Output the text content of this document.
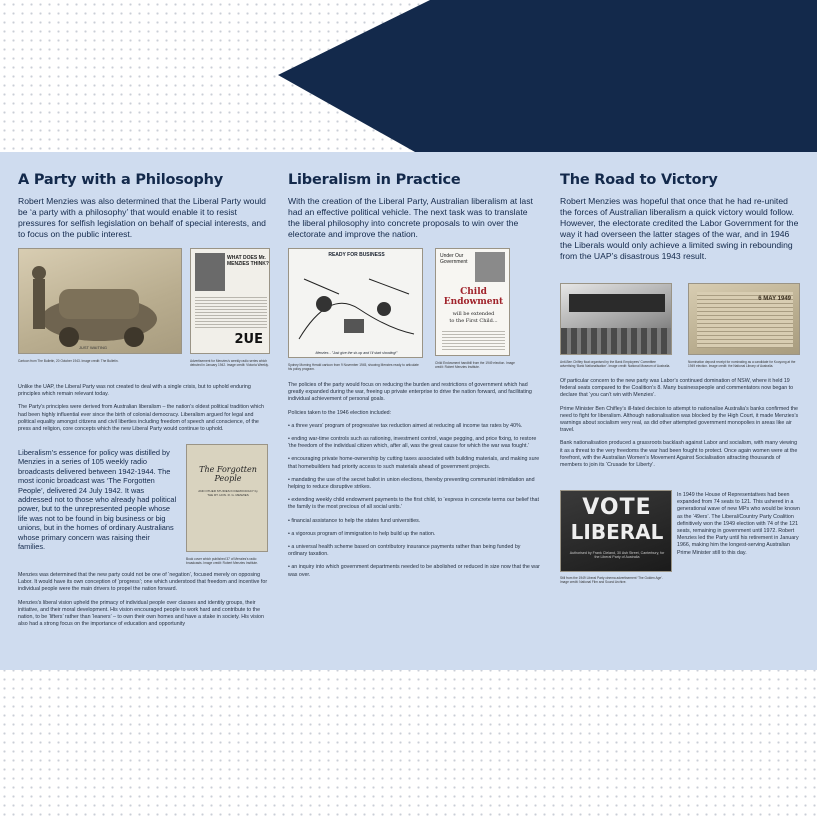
A Party with a Philosophy

Robert Menzies was also determined that the Liberal Party would be ‘a party with a philosophy’ that would enable it to resist pressures for selfish legislation on behalf of special interests, and to focus on the public interest.

JUST WAITING
Cartoon from The Bulletin, 20 October 1943. Image credit: The Bulletin.
WHAT DOES Mr. MENZIES THINK?
2UE
Advertisement for Menzies’s weekly radio series which debuted in January 1942. Image credit: Victoria Weekly.

Unlike the UAP, the Liberal Party was not created to deal with a single crisis, but to uphold enduring principles which remain relevant today.

The Party’s principles were derived from Australian liberalism – the nation’s oldest political tradition which had been highly influential ever since the birth of colonial democracy. Liberalism argued for legal and political equality amongst citizens and civil liberties including freedom of speech and conscience, of the press and religion, core concepts which the new Liberal Party would continue to uphold.

Liberalism’s essence for policy was distilled by Menzies in a series of 105 weekly radio broadcasts delivered between 1942-1944. The most iconic broadcast was ‘The Forgotten People’, delivered 24 July 1942. It was addressed not to those who already had political power, but to the unrepresented people whose life was not to be found in big business or big unions, but in the homes of ordinary Australians whose primary concern was raising their families.

The Forgotten People
AND OTHER STUDIES IN DEMOCRACY by THE RT. HON. R. G. MENZIES
Book cover which published 37 of Menzies’s radio broadcasts. Image credit: Robert Menzies Institute.

Menzies was determined that the new party could not be one of ‘negation’, focused merely on opposing Labor. It would have its own conception of ‘progress’; one which understood that freedom and incentive for individual people were the main drivers to propel the nation forward.

Menzies’s liberal vision upheld the primacy of individual people over classes and identity groups, their initiative, and their moral development. His vision encouraged people to work hard and contribute to the nation, to be ‘lifters’ rather than ‘leaners’ – to own their own homes and have a stake in society. His vision also had a strong focus on the importance of education and opportunity

Liberalism in Practice

With the creation of the Liberal Party, Australian liberalism at last had an effective political vehicle. The next task was to translate the liberal philosophy into concrete proposals to win over the electorate and improve the nation.

READY FOR BUSINESS
Menzies - "Just give the sh-op and I’ll start shooting!"
Sydney Morning Herald cartoon from 9 November 1945, showing Menzies ready to articulate his policy program.
Under Our
Government
Child
Endowment
will be extended
to the First Child...
Child Endowment handbill from the 1949 election. Image credit: Robert Menzies Institute.

The policies of the party would focus on reducing the burden and restrictions of government which had greatly expanded during the war, freeing up private enterprise to drive the nation forward, and facilitating individual achievement of personal goals.

Policies taken to the 1946 election included:

• a three years’ program of progressive tax reduction aimed at reducing all income tax rates by 40%.

• ending war-time controls such as rationing, investment control, wage pegging, and price fixing, to restore ‘the freedom of the individual citizen which, after all, was the great cause for which the war was fought.’

• encouraging private home-ownership by cutting taxes associated with building materials, and making sure that homebuilders had priority access to such materials ahead of government projects.

• mandating the use of the secret ballot in union elections, thereby preventing communist intimidation and helping to reduce disruptive strikes.

• extending weekly child endowment payments to the first child, to ‘express in concrete terms our belief that the family is the most precious of all social units.’

• financial assistance to help the states fund universities.

• a vigorous program of immigration to help build up the nation.

• a universal health scheme based on contributory insurance payments rather than being funded by ordinary taxation.

• an inquiry into which government departments needed to be abolished or reduced in size now that the war was over.

The Road to Victory

Robert Menzies was hopeful that once that he had re-united the forces of Australian liberalism a quick victory would follow. However, the electorate credited the Labor Government for the way it had overseen the latter stages of the war, and in 1946 the Liberals would only achieve a limited swing in rebounding from the UAP’s disastrous 1943 result.

Anti-Ben Chifley float organised by the Bank Employees’ Committee advertising ‘Bank Nationalisation’. Image credit: National Museum of Australia.
6 MAY 1949
Nomination deposit receipt for nominating as a candidate for Kooyong at the 1949 election. Image credit: the National Library of Australia.

Of particular concern to the new party was Labor’s continued domination of NSW, where it held 19 federal seats compared to the Coalition’s 8. Many businesspeople and commentators now began to declare that ‘you can’t win with Menzies’.

Prime Minister Ben Chifley’s ill-fated decision to attempt to nationalise Australia’s banks confirmed the need to fight for liberalism. Although nationalisation was blocked by the High Court, it made Menzies’s warnings about socialism very real, as did other attempted government monopolies in areas like air travel.

Bank nationalisation produced a grassroots backlash against Labor and socialism, with many viewing it as a threat to the very freedoms the war had been fought to protect. Once again women were at the forefront, with the Australian Women’s Movement Against Socialisation attracting thousands of members to join its ‘Crusade for Liberty’.

VOTE
LIBERAL
Authorised by Frank Cleland, 30 Ash Street, Canterbury, for the Liberal Party of Australia
Still from the 1949 Liberal Party cinema advertisement ‘The Golden Age’. Image credit: National Film and Sound Archive.

In 1949 the House of Representatives had been expanded from 74 seats to 121. This ushered in a generational wave of new MPs who would be known as the ‘49ers’. The Liberal/Country Party Coalition definitively won the 1949 election with 74 of the 121 seats, remaining in government until 1972. Robert Menzies led the Party until his retirement in January 1966, making him the longest-serving Australian Prime Minister still to this day.
